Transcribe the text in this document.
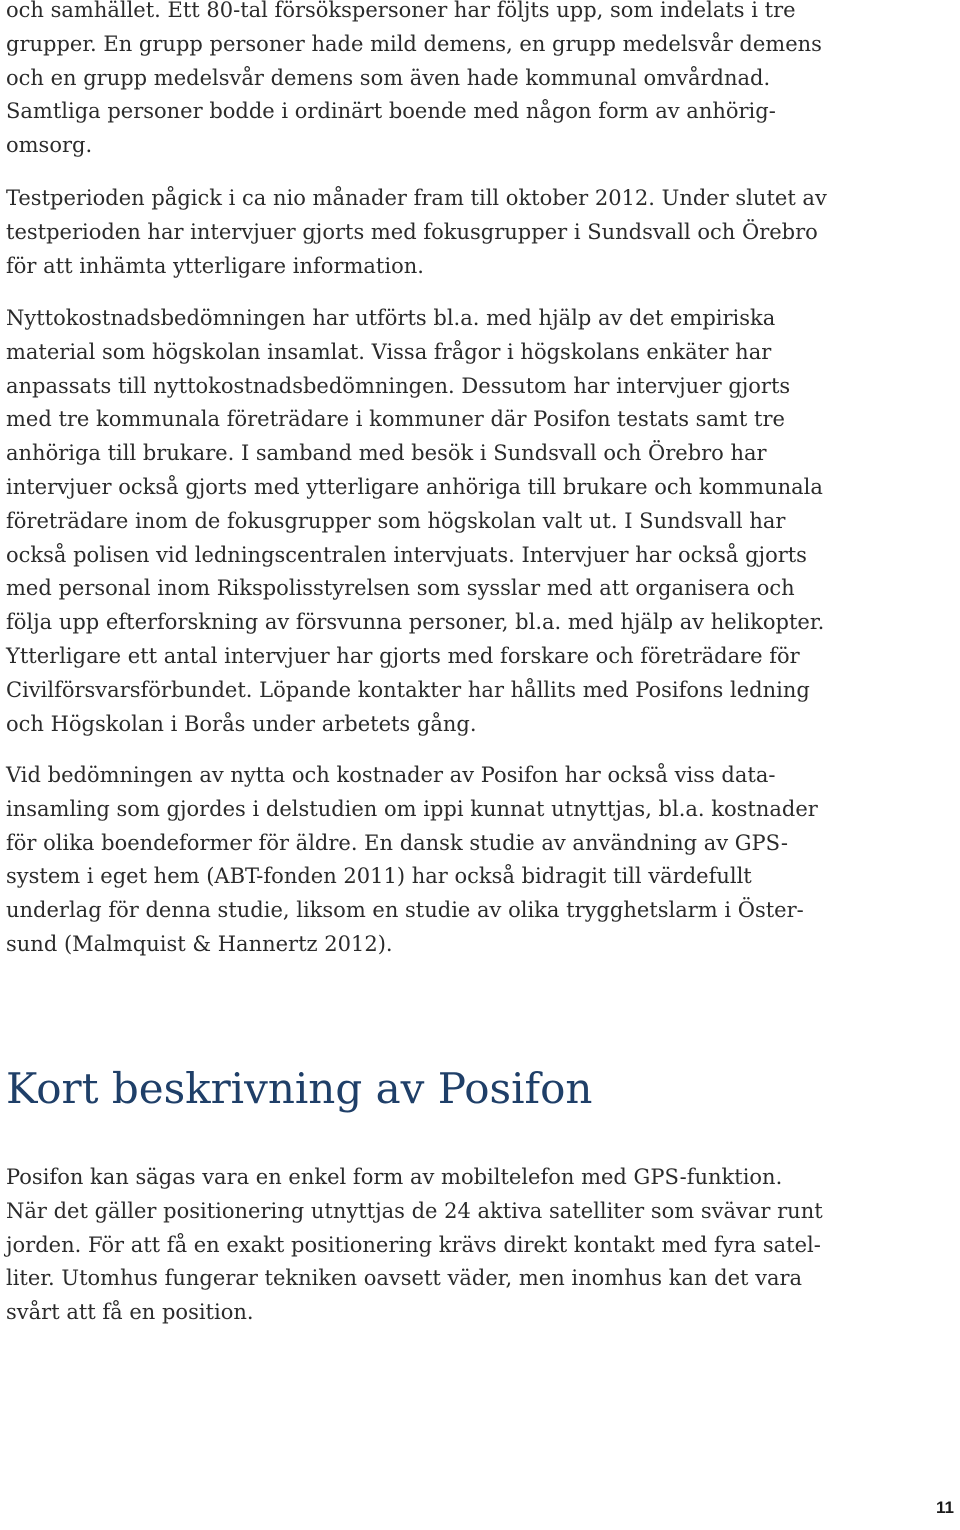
och samhället. Ett 80-tal försökspersoner har följts upp, som indelats i tre
grupper. En grupp personer hade mild demens, en grupp medelsvår demens
och en grupp medelsvår demens som även hade kommunal omvårdnad.
Samtliga personer bodde i ordinärt boende med någon form av anhörig-
omsorg.
Testperioden pågick i ca nio månader fram till oktober 2012. Under slutet av
testperioden har intervjuer gjorts med fokusgrupper i Sundsvall och Örebro
för att inhämta ytterligare information.
Nyttokostnadsbedömningen har utförts bl.a. med hjälp av det empiriska
material som högskolan insamlat. Vissa frågor i högskolans enkäter har
anpassats till nyttokostnadsbedömningen. Dessutom har intervjuer gjorts
med tre kommunala företrädare i kommuner där Posifon testats samt tre
anhöriga till brukare. I samband med besök i Sundsvall och Örebro har
intervjuer också gjorts med ytterligare anhöriga till brukare och kommunala
företrädare inom de fokusgrupper som högskolan valt ut. I Sundsvall har
också polisen vid ledningscentralen intervjuats. Intervjuer har också gjorts
med personal inom Rikspolisstyrelsen som sysslar med att organisera och
följa upp efterforskning av försvunna personer, bl.a. med hjälp av helikopter.
Ytterligare ett antal intervjuer har gjorts med forskare och företrädare för
Civilförsvarsförbundet. Löpande kontakter har hållits med Posifons ledning
och Högskolan i Borås under arbetets gång.
Vid bedömningen av nytta och kostnader av Posifon har också viss data-
insamling som gjordes i delstudien om ippi kunnat utnyttjas, bl.a. kostnader
för olika boendeformer för äldre. En dansk studie av användning av GPS-
system i eget hem (ABT-fonden 2011) har också bidragit till värdefullt
underlag för denna studie, liksom en studie av olika trygghetslarm i Öster-
sund (Malmquist & Hannertz 2012).
Kort beskrivning av Posifon
Posifon kan sägas vara en enkel form av mobiltelefon med GPS-funktion.
När det gäller positionering utnyttjas de 24 aktiva satelliter som svävar runt
jorden. För att få en exakt positionering krävs direkt kontakt med fyra satel-
liter. Utomhus fungerar tekniken oavsett väder, men inomhus kan det vara
svårt att få en position.
11
